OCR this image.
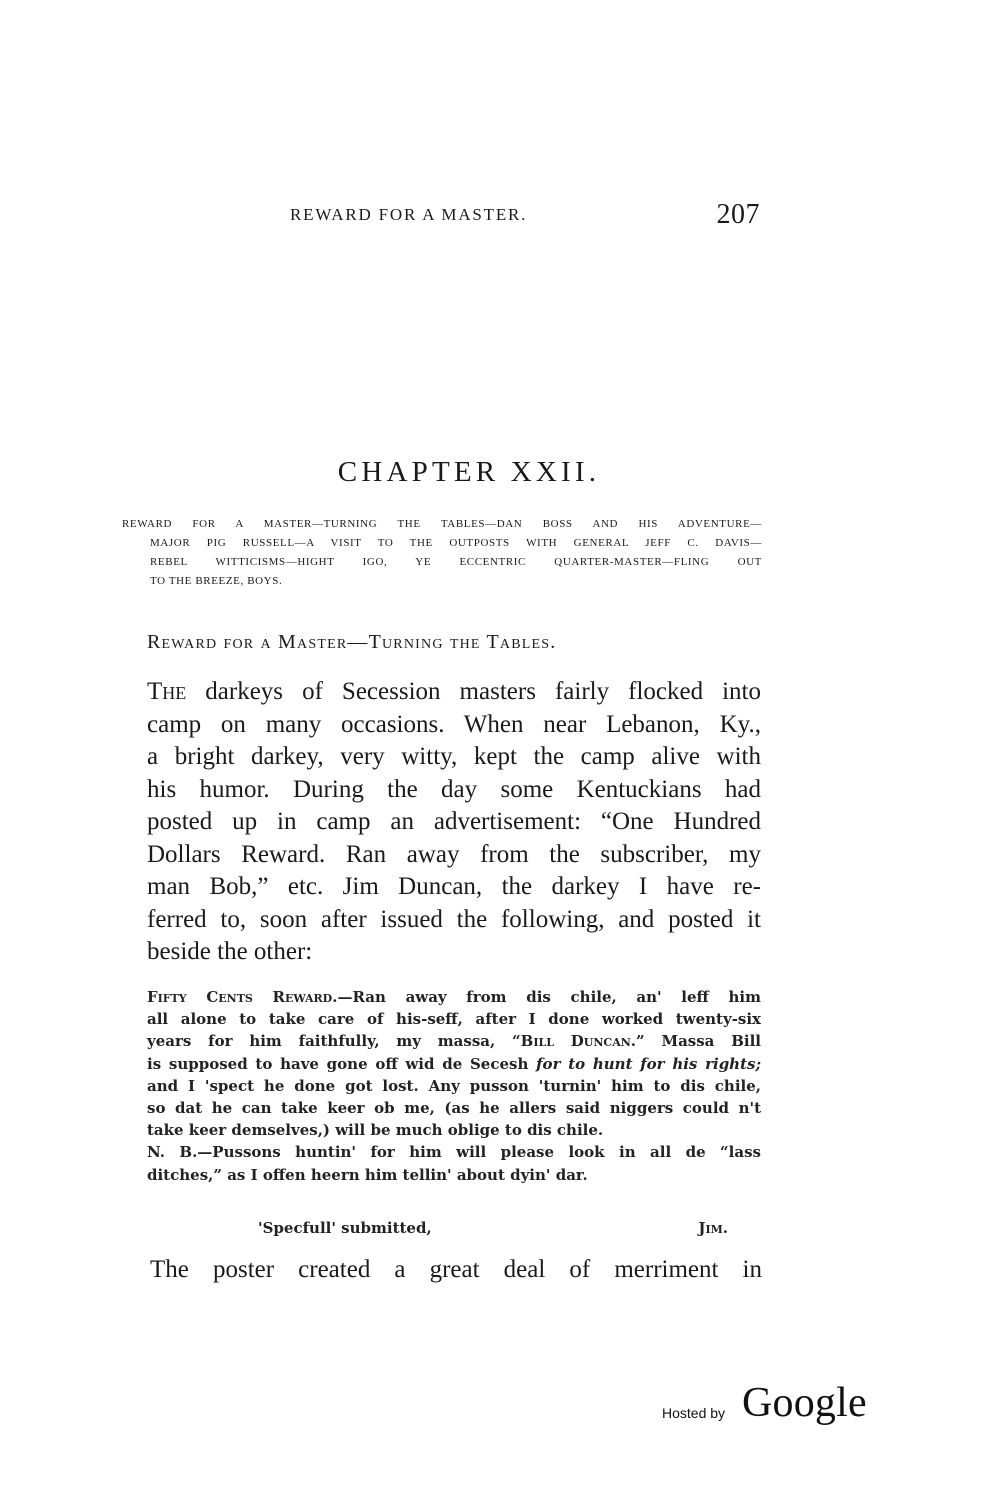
REWARD FOR A MASTER.	207
CHAPTER XXII.
REWARD FOR A MASTER—TURNING THE TABLES—DAN BOSS AND HIS ADVENTURE—
MAJOR PIG RUSSELL—A VISIT TO THE OUTPOSTS WITH GENERAL JEFF C. DAVIS—
REBEL WITTICISMS—HIGHT IGO, YE ECCENTRIC QUARTER-MASTER—FLING OUT
TO THE BREEZE, BOYS.
Reward for a Master—Turning the Tables.
The darkeys of Secession masters fairly flocked into
camp on many occasions. When near Lebanon, Ky.,
a bright darkey, very witty, kept the camp alive with
his humor. During the day some Kentuckians had
posted up in camp an advertisement: “One Hundred
Dollars Reward. Ran away from the subscriber, my
man Bob,” etc. Jim Duncan, the darkey I have re-
ferred to, soon after issued the following, and posted it
beside the other:
Fifty Cents Reward.—Ran away from dis chile, an' leff him
all alone to take care of his-seff, after I done worked twenty-six
years for him faithfully, my massa, “Bill Duncan.” Massa Bill
is supposed to have gone off wid de Secesh for to hunt for his rights;
and I 'spect he done got lost. Any pusson 'turnin' him to dis chile,
so dat he can take keer ob me, (as he allers said niggers could n't
take keer demselves,) will be much oblige to dis chile.
N. B.—Pussons huntin' for him will please look in all de “lass
ditches,” as I offen heern him tellin' about dyin' dar.
'Specfull' submitted,	Jim.
The poster created a great deal of merriment in
Hosted by Google
